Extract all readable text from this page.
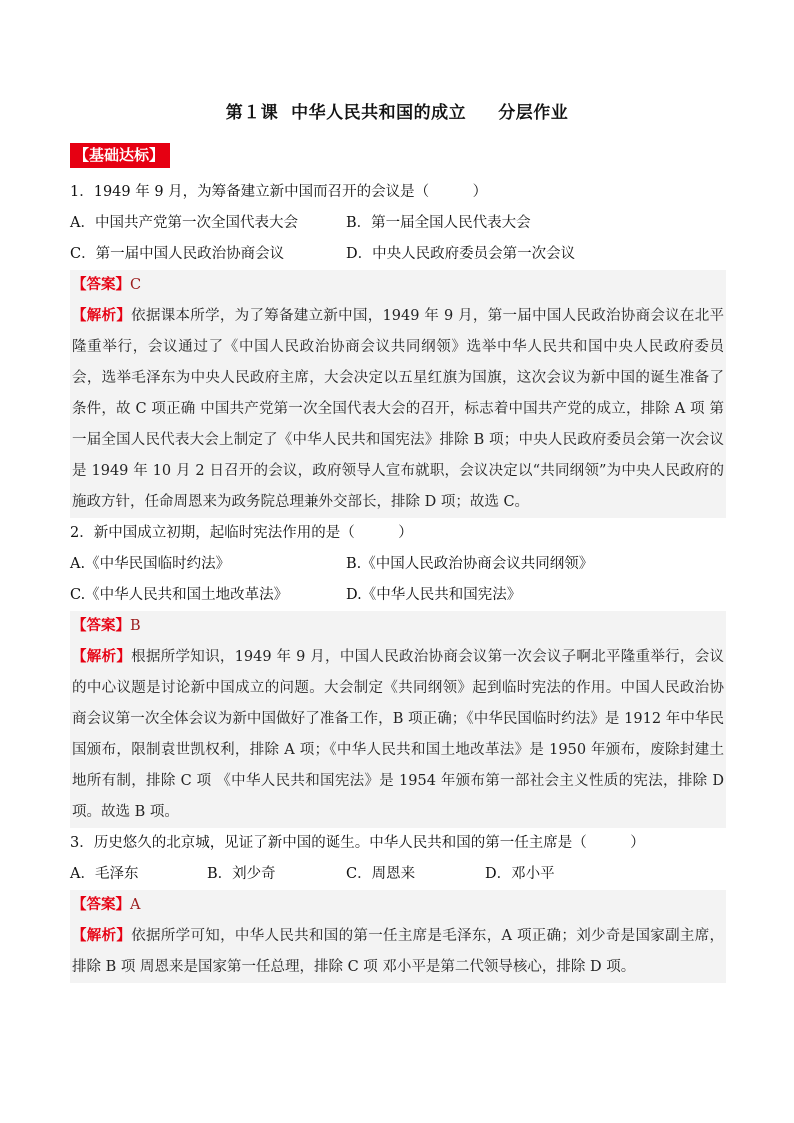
第１课  中华人民共和国的成立     分层作业
【基础达标】
1．1949 年 9 月，为筹备建立新中国而召开的会议是（　　　）
A．中国共产党第一次全国代表大会	B．第一届全国人民代表大会
C．第一届中国人民政治协商会议	D．中央人民政府委员会第一次会议
【答案】C
【解析】依据课本所学，为了筹备建立新中国，1949 年 9 月，第一届中国人民政治协商会议在北平隆重举行，会议通过了《中国人民政治协商会议共同纲领》选举中华人民共和国中央人民政府委员会，选举毛泽东为中央人民政府主席，大会决定以五星红旗为国旗，这次会议为新中国的诞生准备了条件，故 C 项正确 中国共产党第一次全国代表大会的召开，标志着中国共产党的成立，排除 A 项 第一届全国人民代表大会上制定了《中华人民共和国宪法》排除 B 项；中央人民政府委员会第一次会议是 1949 年 10 月 2 日召开的会议，政府领导人宣布就职，会议决定以“共同纲领”为中央人民政府的施政方针，任命周恩来为政务院总理兼外交部长，排除 D 项；故选 C。
2．新中国成立初期，起临时宪法作用的是（　　　）
A.《中华民国临时约法》	B.《中国人民政治协商会议共同纲领》
C.《中华人民共和国土地改革法》	D.《中华人民共和国宪法》
【答案】B
【解析】根据所学知识，1949 年 9 月，中国人民政治协商会议第一次会议子啊北平隆重举行，会议的中心议题是讨论新中国成立的问题。大会制定《共同纲领》起到临时宪法的作用。中国人民政治协商会议第一次全体会议为新中国做好了准备工作，B 项正确；《中华民国临时约法》是 1912 年中华民国颁布，限制袁世凯权利，排除 A 项；《中华人民共和国土地改革法》是 1950 年颁布，废除封建土地所有制，排除 C 项 《中华人民共和国宪法》是 1954 年颁布第一部社会主义性质的宪法，排除 D 项。故选 B 项。
3．历史悠久的北京城，见证了新中国的诞生。中华人民共和国的第一任主席是（　　　）
A．毛泽东	B．刘少奇	C．周恩来	D．邓小平
【答案】A
【解析】依据所学可知，中华人民共和国的第一任主席是毛泽东，A 项正确；刘少奇是国家副主席，排除 B 项 周恩来是国家第一任总理，排除 C 项 邓小平是第二代领导核心，排除 D 项。
